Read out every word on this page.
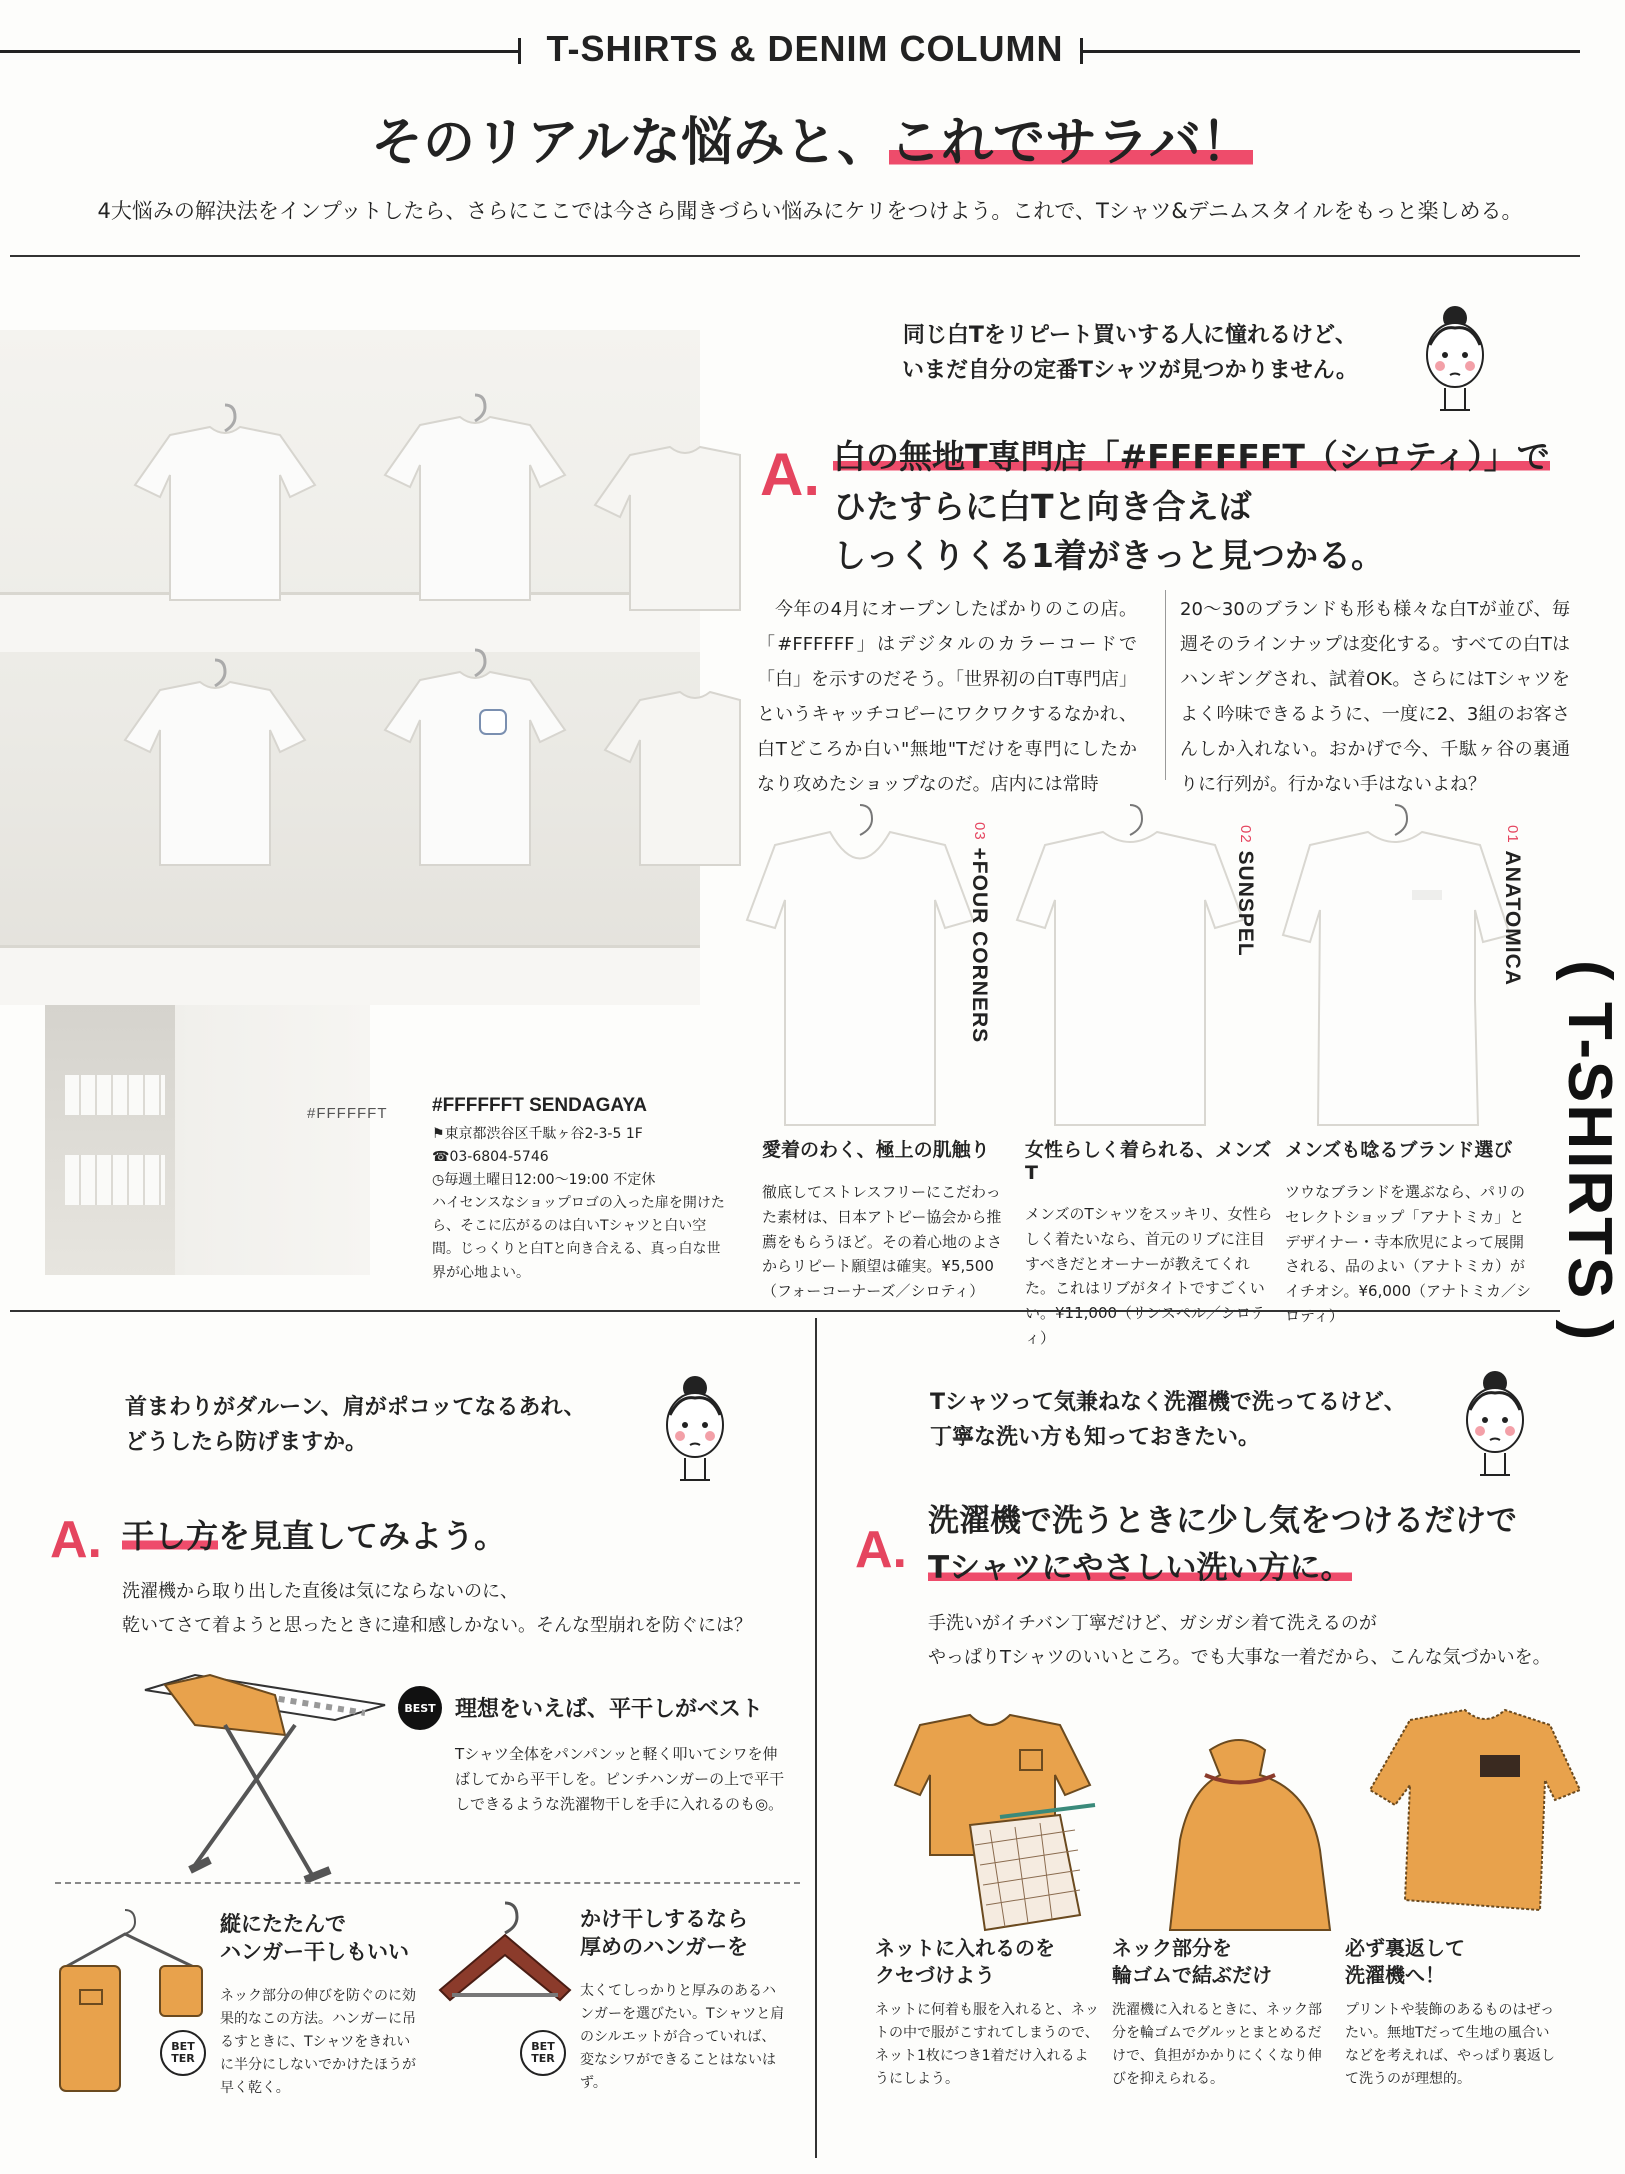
T-SHIRTS & DENIM COLUMN
そのリアルな悩みと、これでサラバ！
4大悩みの解決法をインプットしたら、さらにここでは今さら聞きづらい悩みにケリをつけよう。これで、Tシャツ&デニムスタイルをもっと楽しめる。
同じ白Tをリピート買いする人に憧れるけど、
いまだ自分の定番Tシャツが見つかりません。
A. 白の無地T専門店「#FFFFFFT（シロティ）」で
ひたすらに白Tと向き合えば
しっくりくる1着がきっと見つかる。
今年の4月にオープンしたばかりのこの店。「#FFFFFF」はデジタルのカラーコードで「白」を示すのだそう。「世界初の白T専門店」というキャッチコピーにワクワクするなかれ、白Tどころか白い"無地"Tだけを専門にしたかなり攻めたショップなのだ。店内には常時
20〜30のブランドも形も様々な白Tが並び、毎週そのラインナップは変化する。すべての白Tはハンギングされ、試着OK。さらにはTシャツをよく吟味できるように、一度に2、3組のお客さんしか入れない。おかげで今、千駄ヶ谷の裏通りに行列が。行かない手はないよね？
03 +FOUR CORNERS
02 SUNSPEL
01 ANATOMICA
愛着のわく、極上の肌触り
徹底してストレスフリーにこだわった素材は、日本アトピー協会から推薦をもらうほど。その着心地のよさからリピート願望は確実。¥5,500（フォーコーナーズ／シロティ）
女性らしく着られる、メンズT
メンズのTシャツをスッキリ、女性らしく着たいなら、首元のリブに注目すべきだとオーナーが教えてくれた。これはリブがタイトですごくいい。¥11,000（サンスペル／シロティ）
メンズも唸るブランド選び
ツウなブランドを選ぶなら、パリのセレクトショップ「アナトミカ」とデザイナー・寺本欣児によって展開される、品のよい（アナトミカ）がイチオシ。¥6,000（アナトミカ／シロティ）
#FFFFFFT #FFFFFFT SENDAGAYA
⚑東京都渋谷区千駄ヶ谷2-3-5 1F
☎03-6804-5746
◷毎週土曜日12:00〜19:00 不定休
ハイセンスなショップロゴの入った扉を開けたら、そこに広がるのは白いTシャツと白い空間。じっくりと白Tと向き合える、真っ白な世界が心地よい。	( T-SHIRTS )
首まわりがダルーン、肩がポコッてなるあれ、
どうしたら防げますか。
A. 干し方を見直してみよう。
洗濯機から取り出した直後は気にならないのに、
乾いてさて着ようと思ったときに違和感しかない。そんな型崩れを防ぐには？
BEST 理想をいえば、平干しがベスト
Tシャツ全体をパンパンッと軽く叩いてシワを伸ばしてから平干しを。ピンチハンガーの上で平干しできるような洗濯物干しを手に入れるのも◎。
BET
TER
縦にたたんで
ハンガー干しもいい
ネック部分の伸びを防ぐのに効果的なこの方法。ハンガーに吊るすときに、Tシャツをきれいに半分にしないでかけたほうが早く乾く。
BET
TER
かけ干しするなら
厚めのハンガーを
太くてしっかりと厚みのあるハンガーを選びたい。Tシャツと肩のシルエットが合っていれば、変なシワができることはないはず。
Tシャツって気兼ねなく洗濯機で洗ってるけど、
丁寧な洗い方も知っておきたい。
A. 洗濯機で洗うときに少し気をつけるだけで
Tシャツにやさしい洗い方に。
手洗いがイチバン丁寧だけど、ガシガシ着て洗えるのが
やっぱりTシャツのいいところ。でも大事な一着だから、こんな気づかいを。
ネットに入れるのを
クセづけよう
ネットに何着も服を入れると、ネットの中で服がこすれてしまうので、ネット1枚につき1着だけ入れるようにしよう。
ネック部分を
輪ゴムで結ぶだけ
洗濯機に入れるときに、ネック部分を輪ゴムでグルッとまとめるだけで、負担がかかりにくくなり伸びを抑えられる。
必ず裏返して
洗濯機へ！
プリントや装飾のあるものはぜったい。無地Tだって生地の風合いなどを考えれば、やっぱり裏返して洗うのが理想的。
